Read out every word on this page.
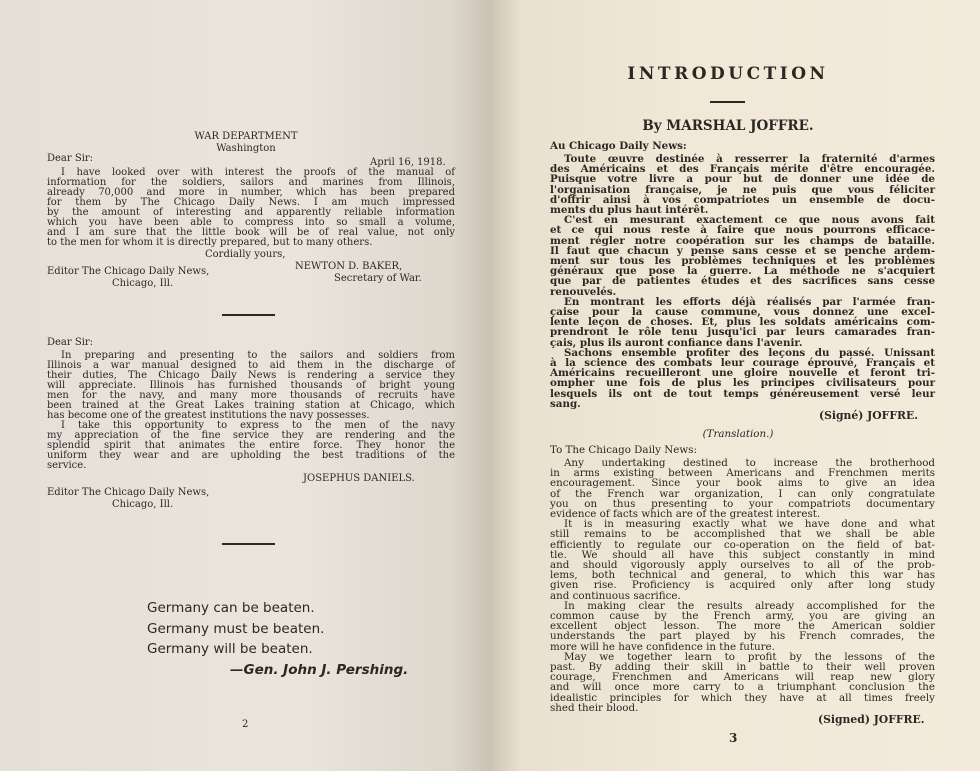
WAR DEPARTMENT
Washington
Dear Sir:	April 16, 1918.
I have looked over with interest the proofs of the manual of
information for the soldiers, sailors and marines from Illinois,
already 70,000 and more in number, which has been prepared
for them by The Chicago Daily News. I am much impressed
by the amount of interesting and apparently reliable information
which you have been able to compress into so small a volume,
and I am sure that the little book will be of real value, not only
to the men for whom it is directly prepared, but to many others.
Cordially yours,
NEWTON D. BAKER,
Secretary of War.
Editor The Chicago Daily News,
Chicago, Ill.
Dear Sir:
In preparing and presenting to the sailors and soldiers from
Illinois a war manual designed to aid them in the discharge of
their duties, The Chicago Daily News is rendering a service they
will appreciate. Illinois has furnished thousands of bright young
men for the navy, and many more thousands of recruits have
been trained at the Great Lakes training station at Chicago, which
has become one of the greatest institutions the navy possesses.
I take this opportunity to express to the men of the navy
my appreciation of the fine service they are rendering and the
splendid spirit that animates the entire force. They honor the
uniform they wear and are upholding the best traditions of the
service.
JOSEPHUS DANIELS.
Editor The Chicago Daily News,
Chicago, Ill.
Germany can be beaten.
Germany must be beaten.
Germany will be beaten.
—Gen. John J. Pershing.
2
INTRODUCTION
By MARSHAL JOFFRE.
Au Chicago Daily News:
Toute œuvre destinée à resserrer la fraternité d'armes
des Américains et des Français mérite d'être encouragée.
Puisque votre livre a pour but de donner une idée de
l'organisation française, je ne puis que vous féliciter
d'offrir ainsi à vos compatriotes un ensemble de docu-
ments du plus haut intérêt.
C'est en mesurant exactement ce que nous avons fait
et ce qui nous reste à faire que nous pourrons efficace-
ment régler notre coopération sur les champs de bataille.
Il faut que chacun y pense sans cesse et se penche ardem-
ment sur tous les problèmes techniques et les problèmes
généraux que pose la guerre. La méthode ne s'acquiert
que par de patientes études et des sacrifices sans cesse
renouvelés.
En montrant les efforts déjà réalisés par l'armée fran-
çaise pour la cause commune, vous donnez une excel-
lente leçon de choses. Et, plus les soldats américains com-
prendront le rôle tenu jusqu'ici par leurs camarades fran-
çais, plus ils auront confiance dans l'avenir.
Sachons ensemble profiter des leçons du passé. Unissant
à la science des combats leur courage éprouvé, Français et
Américains recueilleront une gloire nouvelle et feront tri-
ompher une fois de plus les principes civilisateurs pour
lesquels ils ont de tout temps généreusement versé leur
sang.
(Signé) JOFFRE.
(Translation.)
To The Chicago Daily News:
Any undertaking destined to increase the brotherhood
in arms existing between Americans and Frenchmen merits
encouragement. Since your book aims to give an idea
of the French war organization, I can only congratulate
you on thus presenting to your compatriots documentary
evidence of facts which are of the greatest interest.
It is in measuring exactly what we have done and what
still remains to be accomplished that we shall be able
efficiently to regulate our co-operation on the field of bat-
tle. We should all have this subject constantly in mind
and should vigorously apply ourselves to all of the prob-
lems, both technical and general, to which this war has
given rise. Proficiency is acquired only after long study
and continuous sacrifice.
In making clear the results already accomplished for the
common cause by the French army, you are giving an
excellent object lesson. The more the American soldier
understands the part played by his French comrades, the
more will he have confidence in the future.
May we together learn to profit by the lessons of the
past. By adding their skill in battle to their well proven
courage, Frenchmen and Americans will reap new glory
and will once more carry to a triumphant conclusion the
idealistic principles for which they have at all times freely
shed their blood.
(Signed) JOFFRE.
3
